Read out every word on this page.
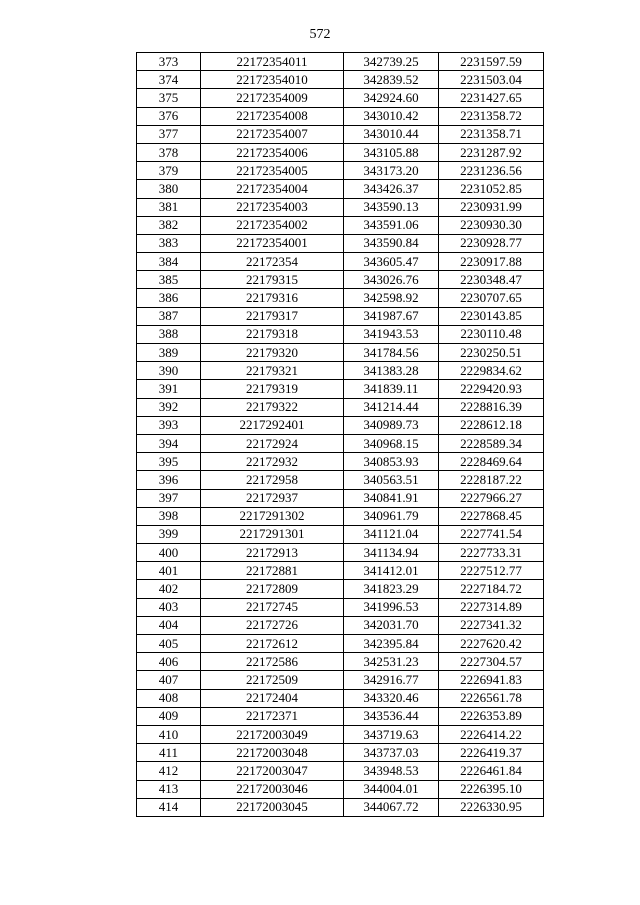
572
373	22172354011	342739.25	2231597.59
374	22172354010	342839.52	2231503.04
375	22172354009	342924.60	2231427.65
376	22172354008	343010.42	2231358.72
377	22172354007	343010.44	2231358.71
378	22172354006	343105.88	2231287.92
379	22172354005	343173.20	2231236.56
380	22172354004	343426.37	2231052.85
381	22172354003	343590.13	2230931.99
382	22172354002	343591.06	2230930.30
383	22172354001	343590.84	2230928.77
384	22172354	343605.47	2230917.88
385	22179315	343026.76	2230348.47
386	22179316	342598.92	2230707.65
387	22179317	341987.67	2230143.85
388	22179318	341943.53	2230110.48
389	22179320	341784.56	2230250.51
390	22179321	341383.28	2229834.62
391	22179319	341839.11	2229420.93
392	22179322	341214.44	2228816.39
393	2217292401	340989.73	2228612.18
394	22172924	340968.15	2228589.34
395	22172932	340853.93	2228469.64
396	22172958	340563.51	2228187.22
397	22172937	340841.91	2227966.27
398	2217291302	340961.79	2227868.45
399	2217291301	341121.04	2227741.54
400	22172913	341134.94	2227733.31
401	22172881	341412.01	2227512.77
402	22172809	341823.29	2227184.72
403	22172745	341996.53	2227314.89
404	22172726	342031.70	2227341.32
405	22172612	342395.84	2227620.42
406	22172586	342531.23	2227304.57
407	22172509	342916.77	2226941.83
408	22172404	343320.46	2226561.78
409	22172371	343536.44	2226353.89
410	22172003049	343719.63	2226414.22
411	22172003048	343737.03	2226419.37
412	22172003047	343948.53	2226461.84
413	22172003046	344004.01	2226395.10
414	22172003045	344067.72	2226330.95
